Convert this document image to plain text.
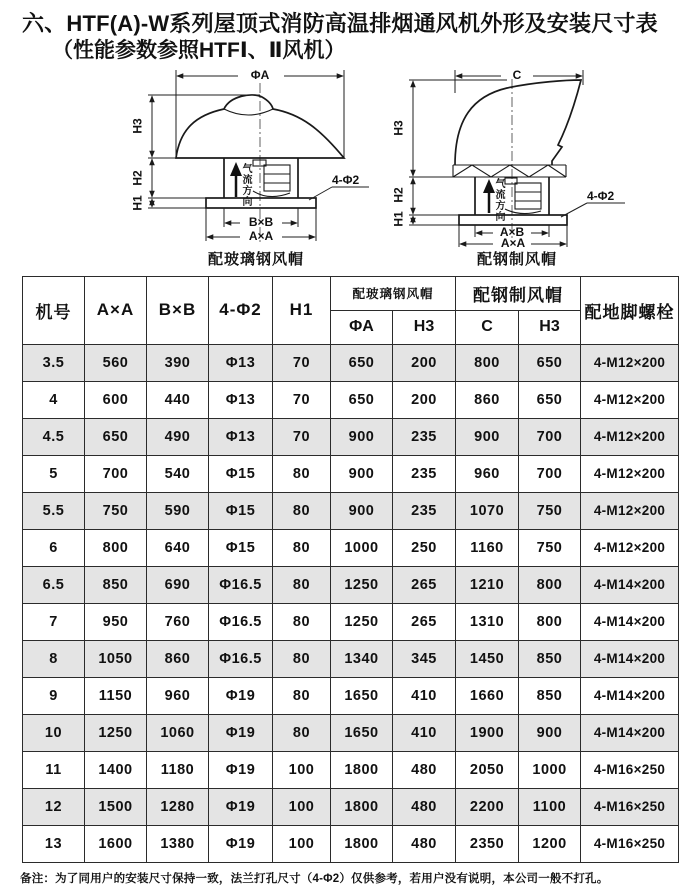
六、HTF(A)-W系列屋顶式消防高温排烟通风机外形及安装尺寸表
（性能参数参照HTFⅠ、Ⅱ风机）
ΦA
H3
H2
H1
4-Φ2
B×B
A×A
气流方向
配玻璃钢风帽
C
H3
H2
H1
4-Φ2
A×B
A×A
气流方向
配钢制风帽
机号	A×A	B×B	4-Φ2	H1	配玻璃钢风帽		配钢制风帽		配地脚螺栓
					ΦA	H3	C	H3	
3.5	560	390	Φ13	70	650	200	800	650	4-M12×200
4	600	440	Φ13	70	650	200	860	650	4-M12×200
4.5	650	490	Φ13	70	900	235	900	700	4-M12×200
5	700	540	Φ15	80	900	235	960	700	4-M12×200
5.5	750	590	Φ15	80	900	235	1070	750	4-M12×200
6	800	640	Φ15	80	1000	250	1160	750	4-M12×200
6.5	850	690	Φ16.5	80	1250	265	1210	800	4-M14×200
7	950	760	Φ16.5	80	1250	265	1310	800	4-M14×200
8	1050	860	Φ16.5	80	1340	345	1450	850	4-M14×200
9	1150	960	Φ19	80	1650	410	1660	850	4-M14×200
10	1250	1060	Φ19	80	1650	410	1900	900	4-M14×200
11	1400	1180	Φ19	100	1800	480	2050	1000	4-M16×250
12	1500	1280	Φ19	100	1800	480	2200	1100	4-M16×250
13	1600	1380	Φ19	100	1800	480	2350	1200	4-M16×250
备注：为了同用户的安装尺寸保持一致，法兰打孔尺寸（4-Φ2）仅供参考，若用户没有说明，本公司一般不打孔。
